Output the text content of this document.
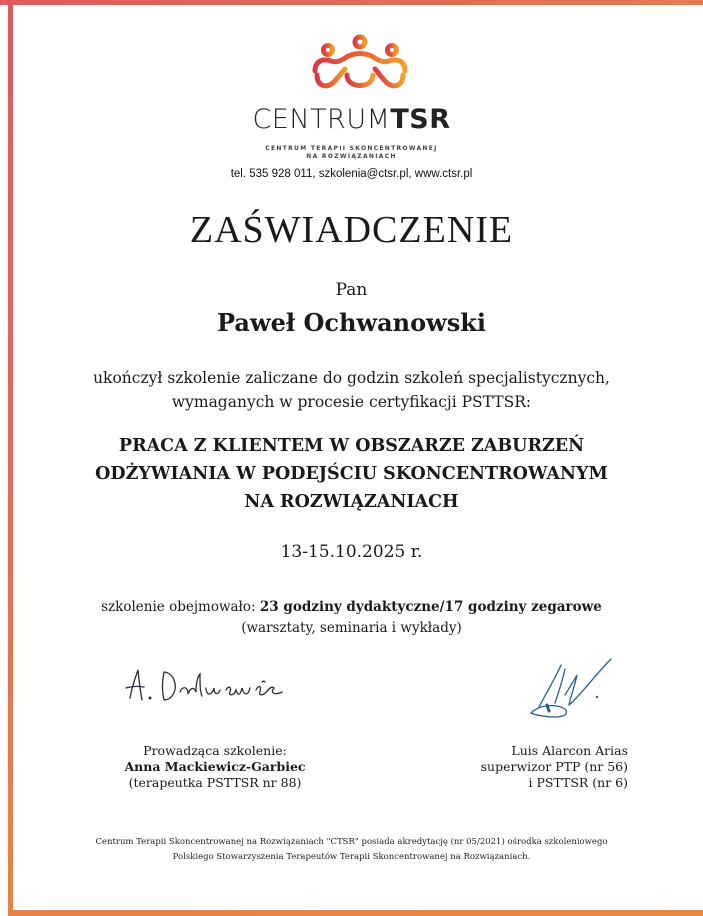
CENTRUMTSR
CENTRUM TERAPII SKONCENTROWANEJ
NA ROZWIĄZANIACH
tel. 535 928 011, szkolenia@ctsr.pl, www.ctsr.pl
ZAŚWIADCZENIE
Pan
Paweł Ochwanowski
ukończył szkolenie zaliczane do godzin szkoleń specjalistycznych,
wymaganych w procesie certyfikacji PSTTSR:
PRACA Z KLIENTEM W OBSZARZE ZABURZEŃ
ODŻYWIANIA W PODEJŚCIU SKONCENTROWANYM
NA ROZWIĄZANIACH
13-15.10.2025 r.
szkolenie obejmowało: 23 godziny dydaktyczne/17 godziny zegarowe
(warsztaty, seminaria i wykłady)
Prowadząca szkolenie:
Anna Mackiewicz-Garbiec
(terapeutka PSTTSR nr 88)
Luis Alarcon Arias
superwizor PTP (nr 56)
i PSTTSR (nr 6)
Centrum Terapii Skoncentrowanej na Rozwiązaniach "CTSR" posiada akredytację (nr 05/2021) ośrodka szkoleniowego
Polskiego Stowarzyszenia Terapeutów Terapii Skoncentrowanej na Rozwiązaniach.
